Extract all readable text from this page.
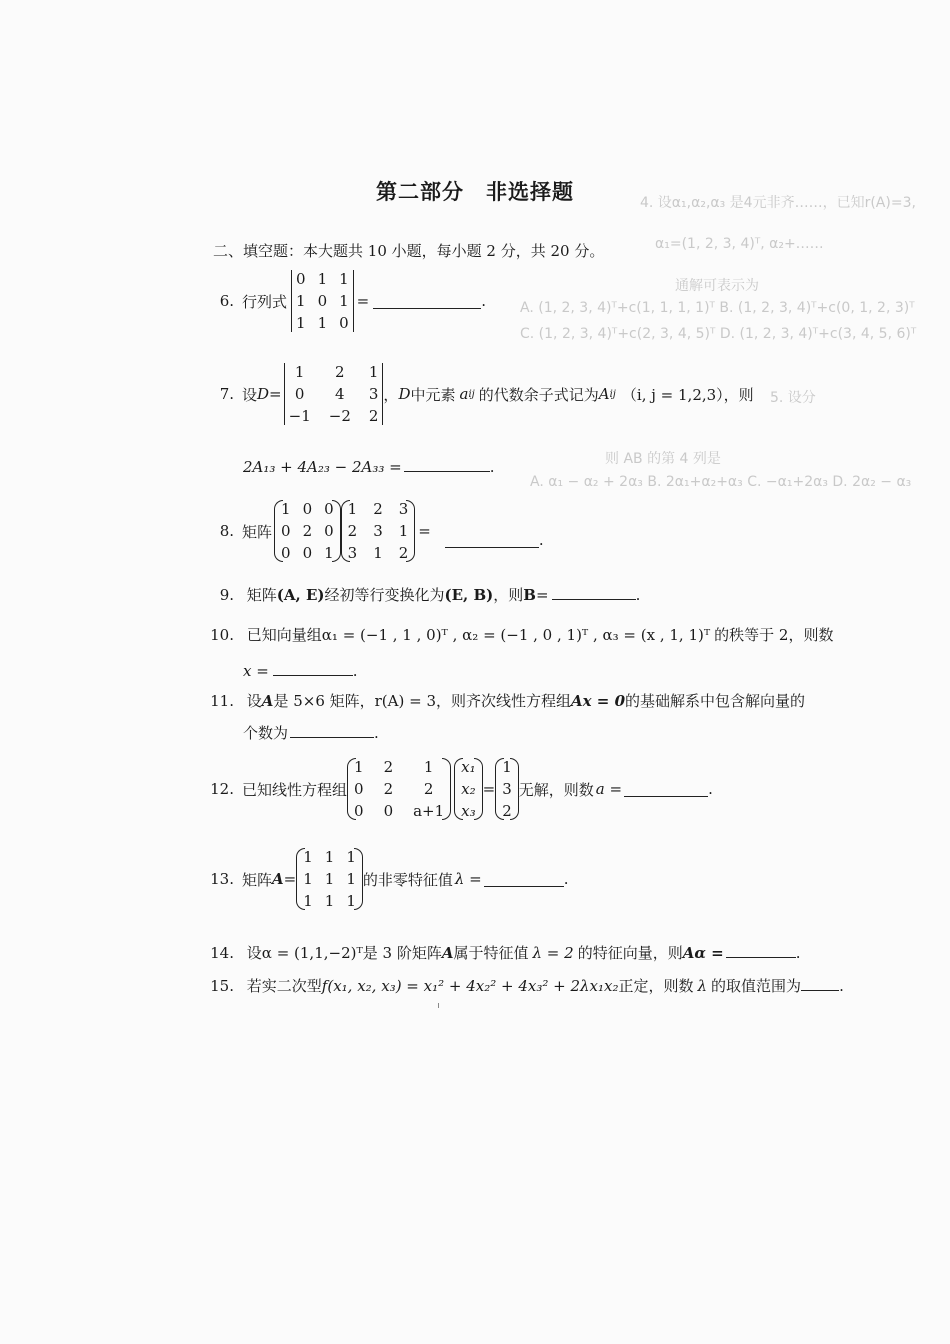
4. 设α₁,α₂,α₃ 是4元非齐……，已知r(A)=3,
α₁=(1, 2, 3, 4)ᵀ, α₂+……
通解可表示为
A. (1, 2, 3, 4)ᵀ+c(1, 1, 1, 1)ᵀ B. (1, 2, 3, 4)ᵀ+c(0, 1, 2, 3)ᵀ
C. (1, 2, 3, 4)ᵀ+c(2, 3, 4, 5)ᵀ D. (1, 2, 3, 4)ᵀ+c(3, 4, 5, 6)ᵀ
5. 设分
则 AB 的第 4 列是
A. α₁ − α₂ + 2α₃ B. 2α₁+α₂+α₃ C. −α₁+2α₃ D. 2α₂ − α₃
第二部分 非选择题
二、填空题：本大题共 10 小题，每小题 2 分，共 20 分。
6. 行列式
0 1 1
1 0 1
1 1 0
=	.
7. 设 D =
1	2	1
0	4	3
−1 −2 2
， D 中元素 a ij 的代数余子式记为 A ij （i, j = 1,2,3），则
2A₁₃ + 4A₂₃ − 2A₃₃ =	.
8. 矩阵
1 0 0
0 2 0
0 0 1
1 2 3
2 3 1
3 1 2
=	.
9. 矩阵(A, E)经初等行变换化为(E, B)，则B=	.
10. 已知向量组α₁ = (−1 , 1 , 0)ᵀ , α₂ = (−1 , 0 , 1)ᵀ , α₃ = (x , 1, 1)ᵀ 的秩等于 2，则数
x =	.
11. 设A是 5×6 矩阵，r(A) = 3，则齐次线性方程组Ax = 0的基础解系中包含解向量的
个数为	.
12. 已知线性方程组
1 2	1
0 2	2
0 0 a+1
x₁
x₂
x₃
=
1
3
2
无解，则数 a =	.
13. 矩阵 A =
1 1 1
1 1 1
1 1 1
的非零特征值 λ =	.
14. 设α = (1,1,−2)ᵀ是 3 阶矩阵A属于特征值 λ = 2 的特征向量，则Aα =	.
15. 若实二次型f(x₁, x₂, x₃) = x₁² + 4x₂² + 4x₃² + 2λx₁x₂正定，则数 λ 的取值范围为	.
